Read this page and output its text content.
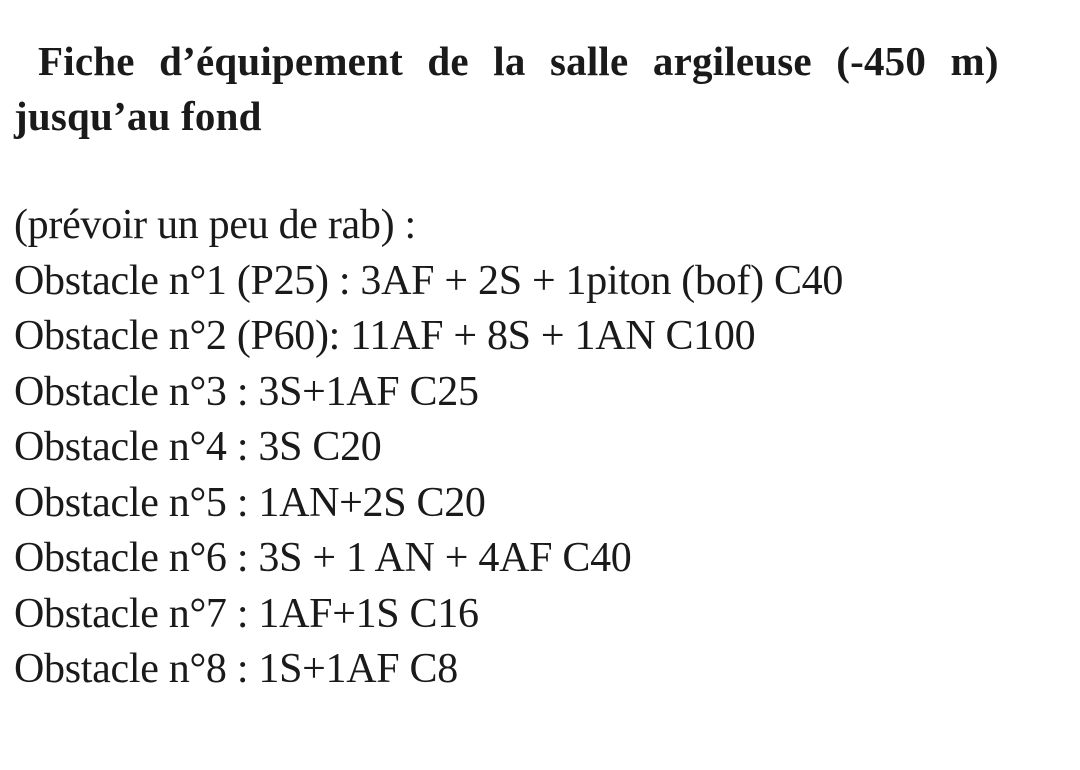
Fiche d’équipement de la salle argileuse (-450 m)
jusqu’au fond
(prévoir un peu de rab) :
Obstacle n°1 (P25) : 3AF + 2S + 1piton (bof) C40
Obstacle n°2 (P60): 11AF + 8S + 1AN C100
Obstacle n°3 : 3S+1AF C25
Obstacle n°4 : 3S C20
Obstacle n°5 : 1AN+2S C20
Obstacle n°6 : 3S + 1 AN + 4AF C40
Obstacle n°7 : 1AF+1S C16
Obstacle n°8 : 1S+1AF C8
